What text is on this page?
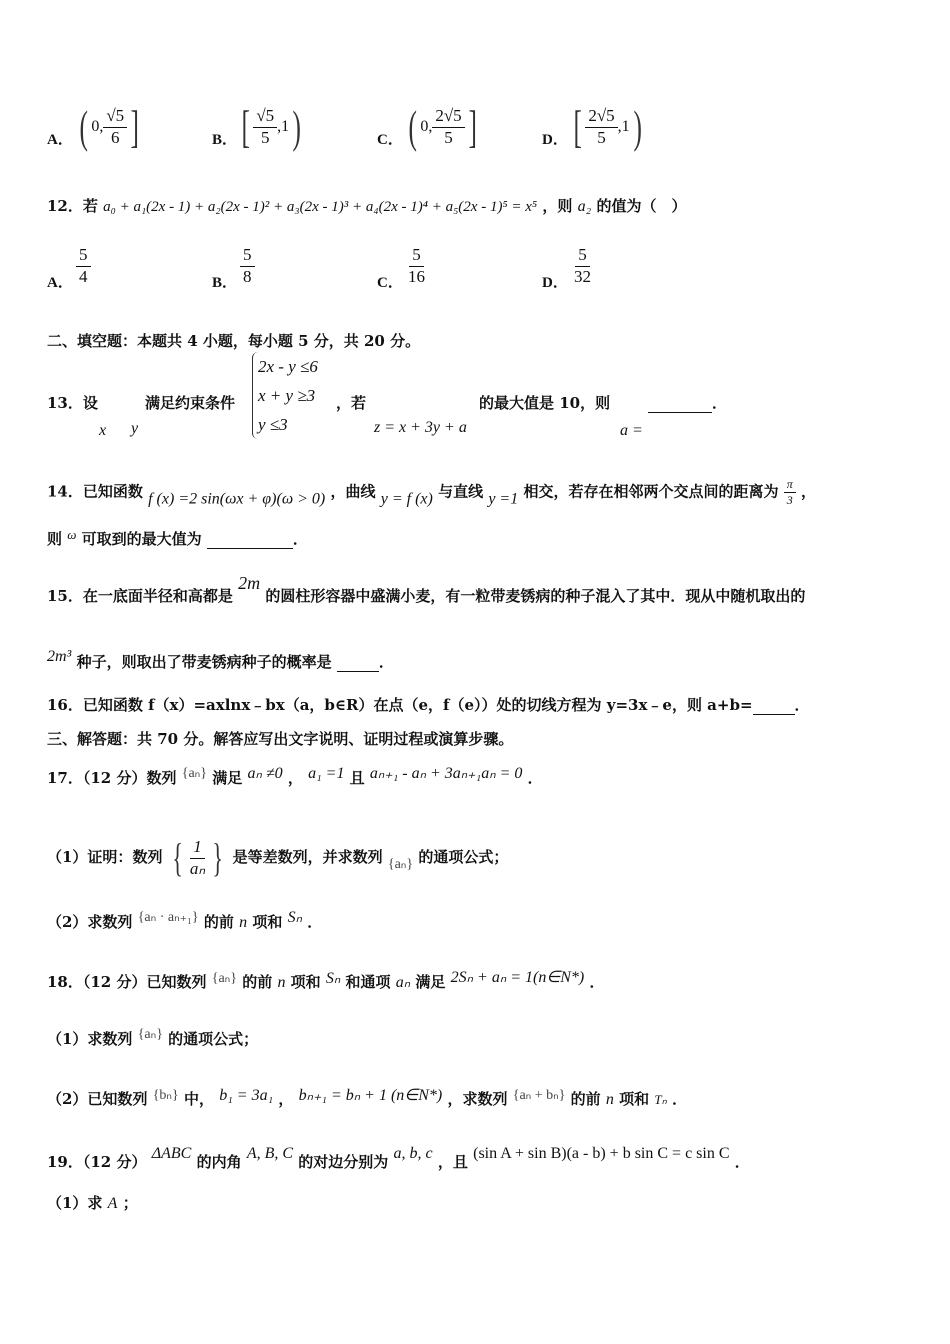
A． ( 0, $\frac{√5}{6}$ ]	B． [ $\frac{√5}{5} ,1$ )	C． ( 0, $\frac{2√5}{5}$ ]	D． [ $\frac{2√5}{5} ,1$ )
12．若 a₀ + a₁(2x - 1) + a₂(2x - 1)² + a₃(2x - 1)³ + a₄(2x - 1)⁴ + a₅(2x - 1)⁵ = x⁵ ，则 a₂ 的值为（　）
A． $\frac{5}{4}$	B． $\frac{5}{8}$	C． $\frac{5}{16}$	D． $\frac{5}{32}$
二、填空题：本题共 4 小题，每小题 5 分，共 20 分。
13．设
x y
满足约束条件
2x - y ≤6
x + y ≥3
y ≤3
，若
z = x + 3y + a
的最大值是 10，则
a =
．
14．已知函数 f (x) =2 sin(ωx + φ)(ω > 0) ，曲线 y = f (x) 与直线 y =1 相交，若存在相邻两个交点间的距离为 $\frac{\pi}{3}$ ，
则 ω 可取到的最大值为	．
15．在一底面半径和高都是 2m 的圆柱形容器中盛满小麦，有一粒带麦锈病的种子混入了其中．现从中随机取出的
2m³ 种子，则取出了带麦锈病种子的概率是	．
16．已知函数 f（x）=axlnx﹣bx（a，b∈R）在点（e，f（e））处的切线方程为 y=3x﹣e，则 a+b=	．
三、解答题：共 70 分。解答应写出文字说明、证明过程或演算步骤。
17．（12 分）数列 {aₙ} 满足 aₙ ≠0 ， a₁ =1 且 aₙ₊₁ - aₙ + 3aₙ₊₁aₙ = 0 ．
（1）证明：数列 { $\frac{1}{\text{aₙ}}$ } 是等差数列，并求数列 {aₙ} 的通项公式；
（2）求数列 {aₙ · aₙ₊₁} 的前 n 项和 Sₙ ．
18．（12 分）已知数列 {aₙ} 的前 n 项和 Sₙ 和通项 aₙ 满足 2Sₙ + aₙ = 1(n∈N*) ．
（1）求数列 {aₙ} 的通项公式；
（2）已知数列 {bₙ} 中， b₁ = 3a₁ ， bₙ₊₁ = bₙ + 1 (n∈N*) ，求数列 {aₙ + bₙ} 的前 n 项和 Tₙ ．
19．（12 分） ΔABC 的内角 A, B, C 的对边分别为 a, b, c ，且 (sin A + sin B)(a - b) + b sin C = c sin C ．
（1）求 A ；
